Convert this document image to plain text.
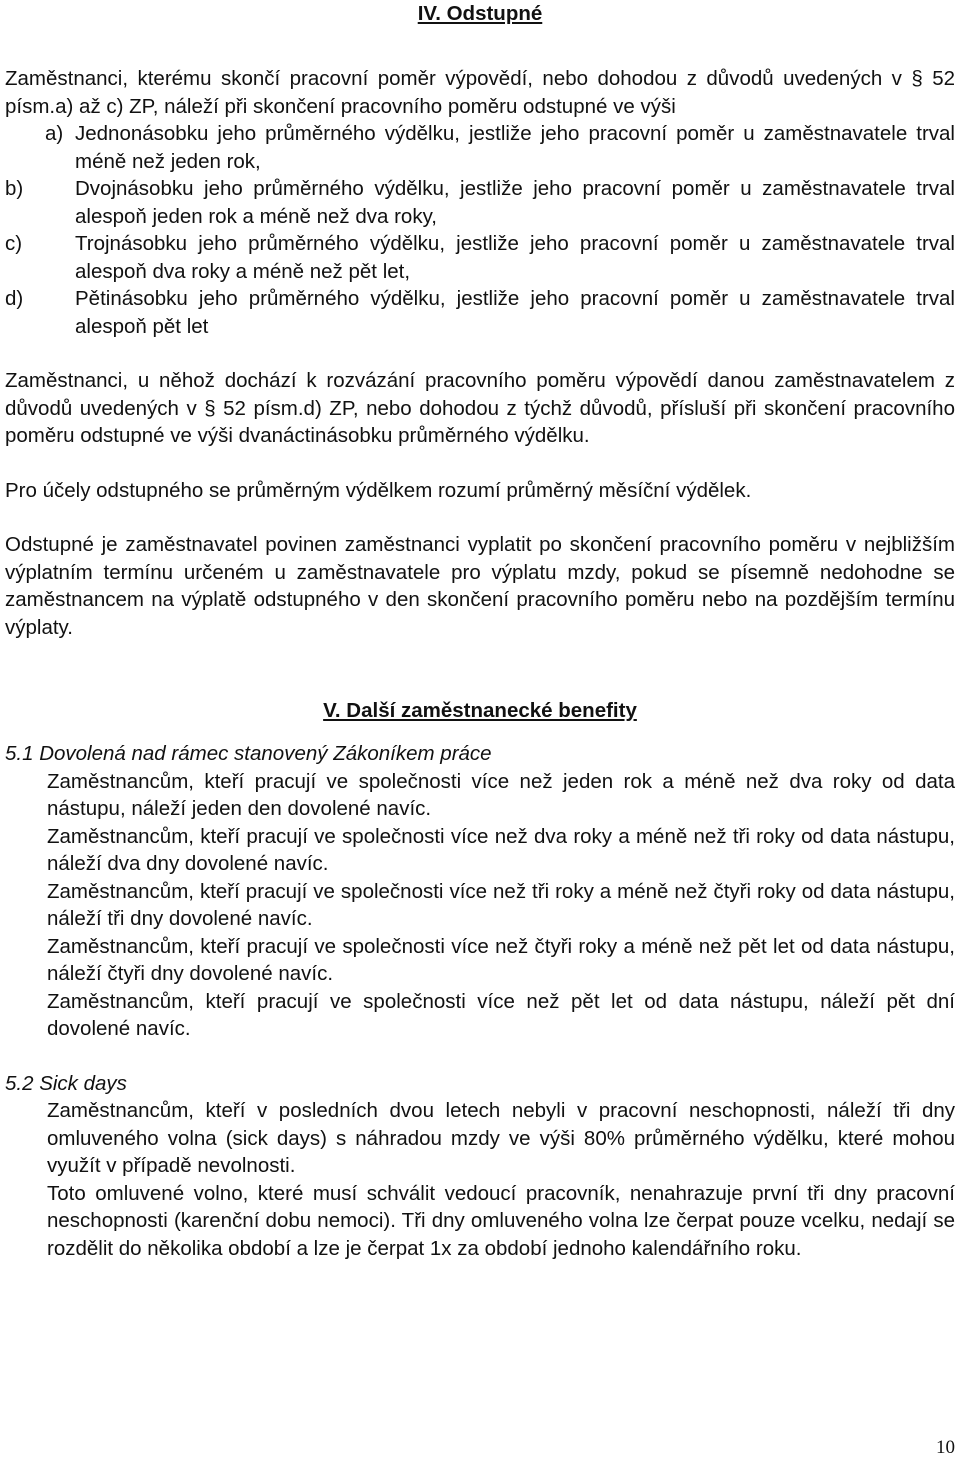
IV. Odstupné

Zaměstnanci, kterému skončí pracovní poměr výpovědí, nebo dohodou z důvodů uvedených v § 52 písm.a) až c) ZP, náleží při skončení pracovního poměru odstupné ve výši

a) Jednonásobku jeho průměrného výdělku, jestliže jeho pracovní poměr u zaměstnavatele trval méně než jeden rok,
b)	Dvojnásobku jeho průměrného výdělku, jestliže jeho pracovní poměr u zaměstnavatele trval alespoň jeden rok a méně než dva roky,
c)	Trojnásobku jeho průměrného výdělku, jestliže jeho pracovní poměr u zaměstnavatele trval alespoň dva roky a méně než pět let,
d)	Pětinásobku jeho průměrného výdělku, jestliže jeho pracovní poměr u zaměstnavatele trval alespoň pět let

Zaměstnanci, u něhož dochází k rozvázání pracovního poměru výpovědí danou zaměstnavatelem z důvodů uvedených v § 52 písm.d) ZP, nebo dohodou z týchž důvodů, přísluší při skončení pracovního poměru odstupné ve výši dvanáctinásobku průměrného výdělku.

Pro účely odstupného se průměrným výdělkem rozumí průměrný měsíční výdělek.

Odstupné je zaměstnavatel povinen zaměstnanci vyplatit po skončení pracovního poměru v nejbližším výplatním termínu určeném u zaměstnavatele pro výplatu mzdy, pokud se písemně nedohodne se zaměstnancem na výplatě odstupného v den skončení pracovního poměru nebo na pozdějším termínu výplaty.

V. Další zaměstnanecké benefity

5.1 Dovolená nad rámec stanovený Zákoníkem práce

Zaměstnancům, kteří pracují ve společnosti více než jeden rok a méně než dva roky od data nástupu, náleží jeden den dovolené navíc.

Zaměstnancům, kteří pracují ve společnosti více než dva roky a méně než tři roky od data nástupu, náleží dva dny dovolené navíc.

Zaměstnancům, kteří pracují ve společnosti více než tři roky a méně než čtyři roky od data nástupu, náleží tři dny dovolené navíc.

Zaměstnancům, kteří pracují ve společnosti více než čtyři roky a méně než pět let od data nástupu, náleží čtyři dny dovolené navíc.

Zaměstnancům, kteří pracují ve společnosti více než pět let od data nástupu, náleží pět dní dovolené navíc.

5.2 Sick days

Zaměstnancům, kteří v posledních dvou letech nebyli v pracovní neschopnosti, náleží tři dny omluveného volna (sick days) s náhradou mzdy ve výši 80% průměrného výdělku, které mohou využít v případě nevolnosti.

Toto omluvené volno, které musí schválit vedoucí pracovník, nenahrazuje první tři dny pracovní neschopnosti (karenční dobu nemoci). Tři dny omluveného volna lze čerpat pouze vcelku, nedají se rozdělit do několika období a lze je čerpat 1x za období jednoho kalendářního roku.

10
